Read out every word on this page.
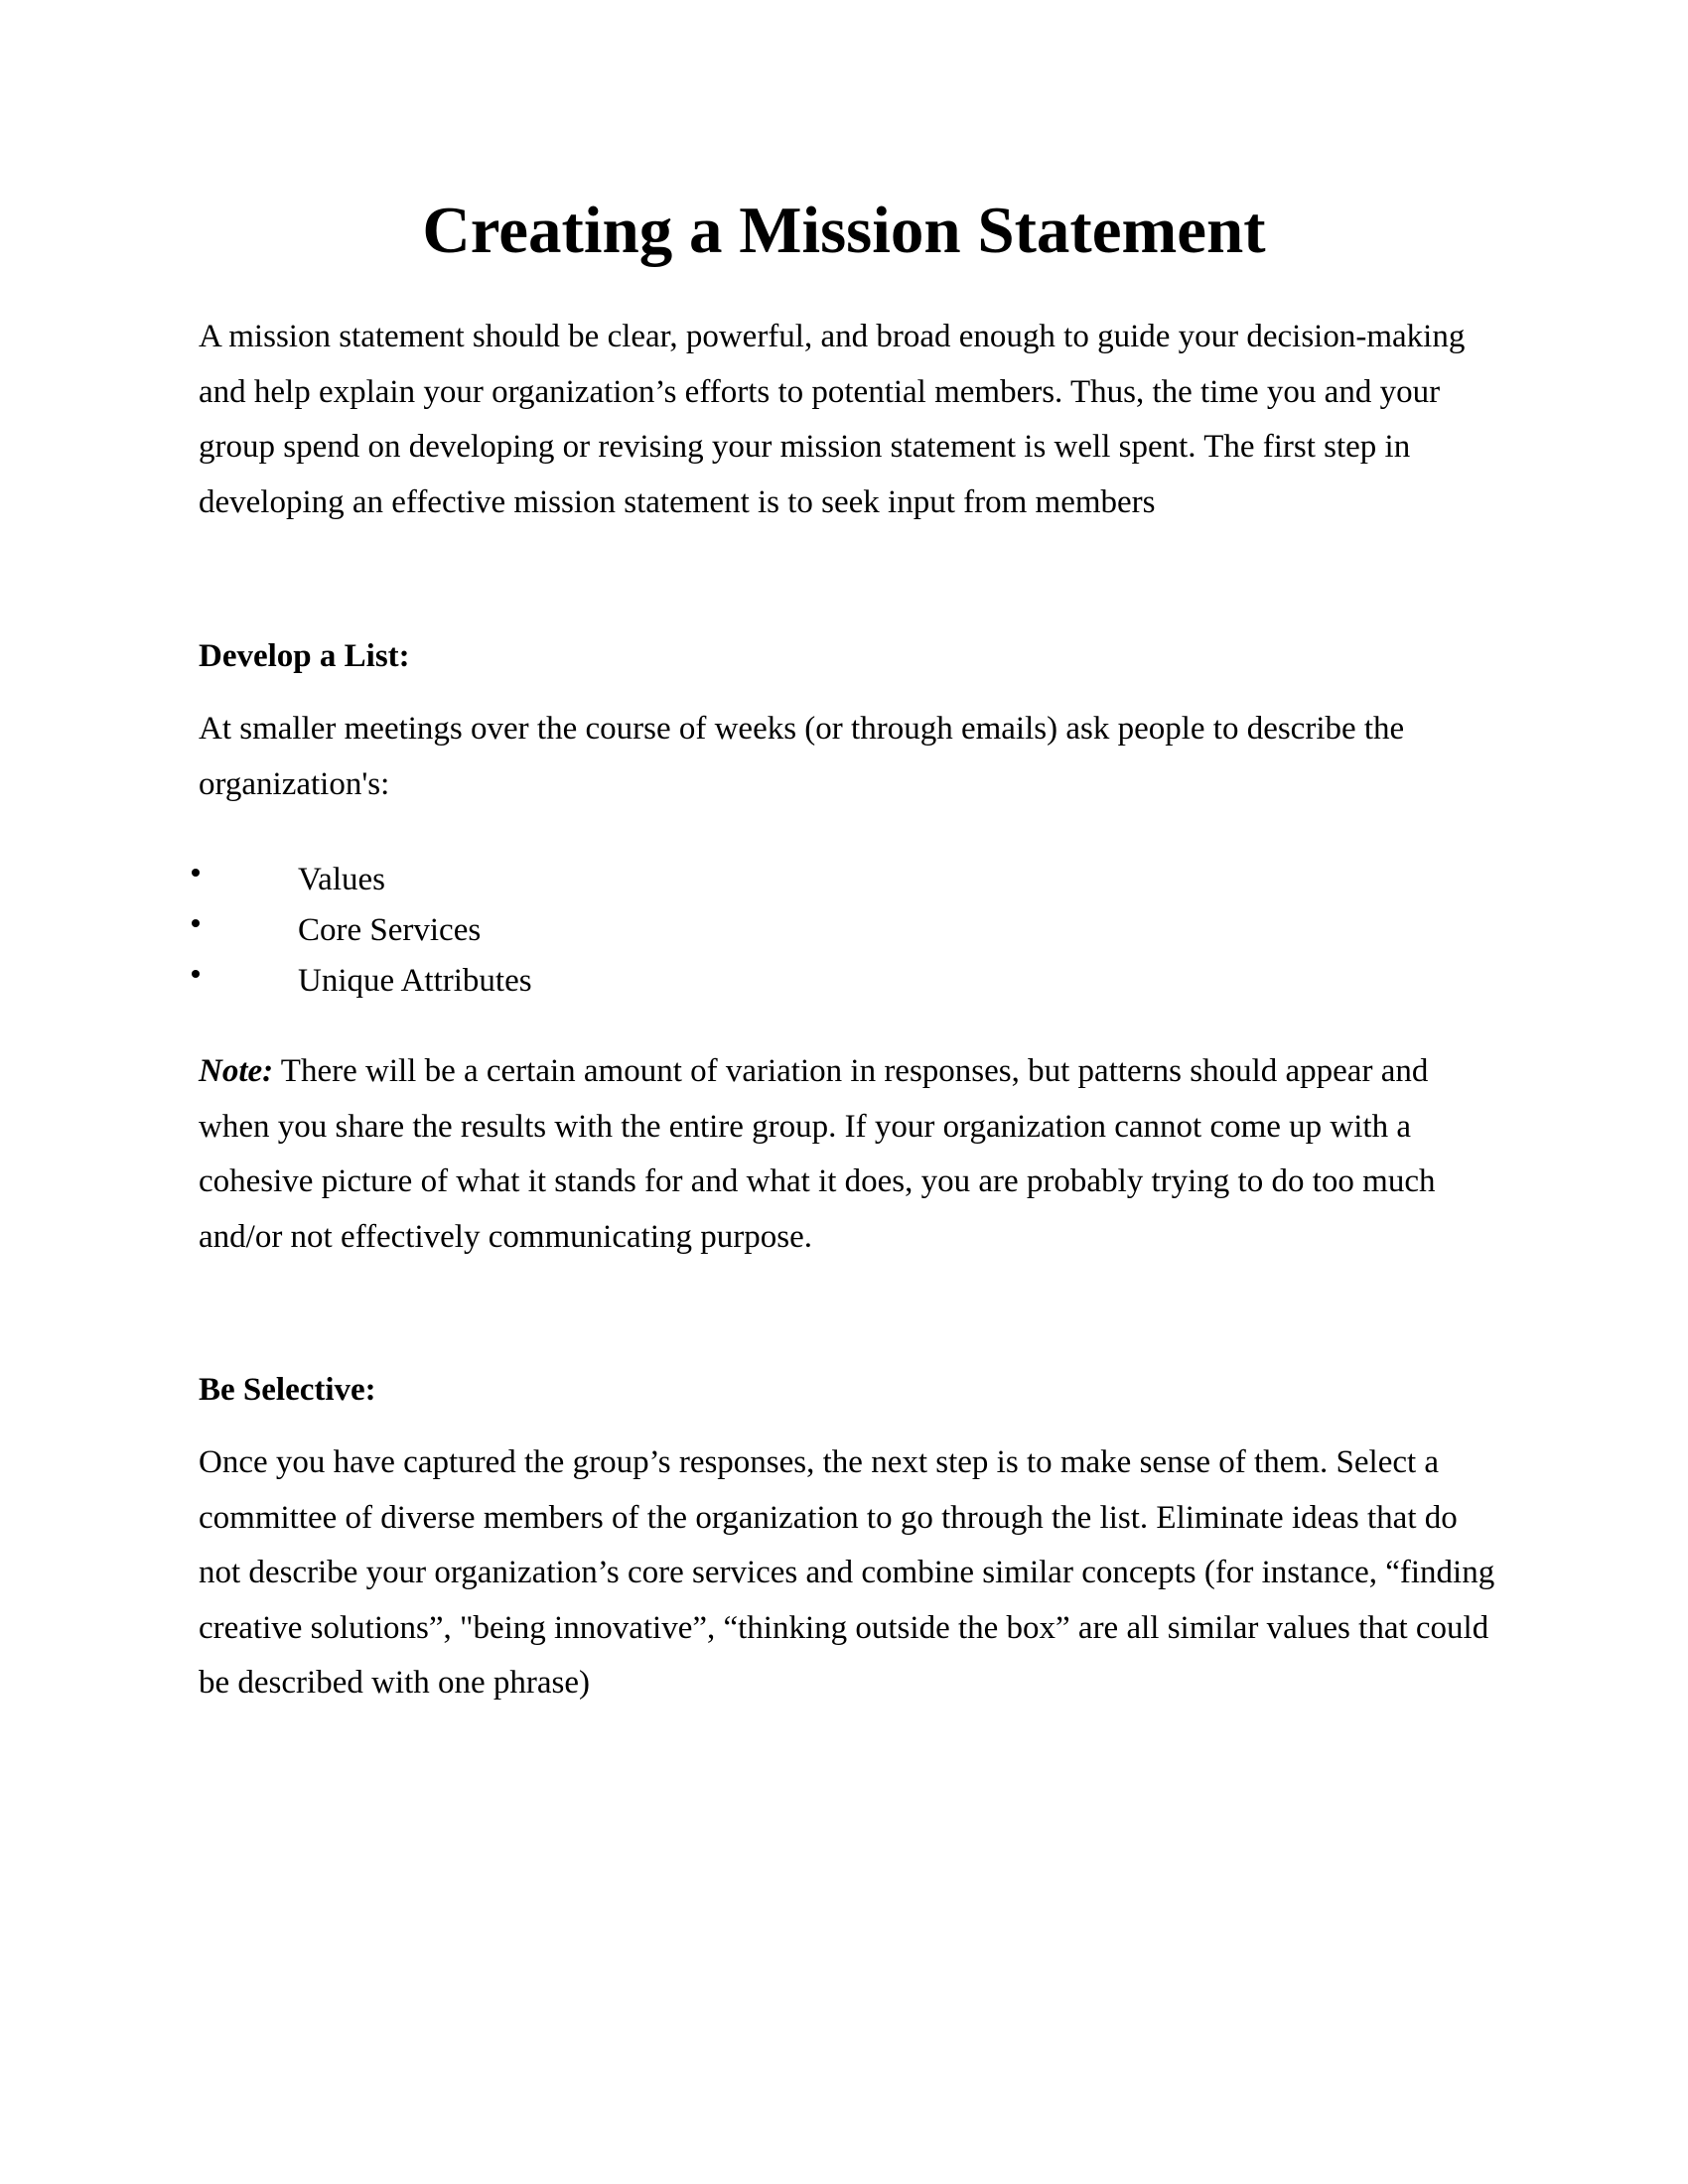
Creating a Mission Statement

A mission statement should be clear, powerful, and broad enough to guide your decision-making and help explain your organization’s efforts to potential members. Thus, the time you and your group spend on developing or revising your mission statement is well spent. The first step in developing an effective mission statement is to seek input from members

Develop a List:

At smaller meetings over the course of weeks (or through emails) ask people to describe the organization's:

Values
Core Services
Unique Attributes

Note: There will be a certain amount of variation in responses, but patterns should appear and when you share the results with the entire group. If your organization cannot come up with a cohesive picture of what it stands for and what it does, you are probably trying to do too much and/or not effectively communicating purpose.

Be Selective:

Once you have captured the group’s responses, the next step is to make sense of them. Select a committee of diverse members of the organization to go through the list. Eliminate ideas that do not describe your organization’s core services and combine similar concepts (for instance, “finding creative solutions”, "being innovative”, “thinking outside the box” are all similar values that could be described with one phrase)
